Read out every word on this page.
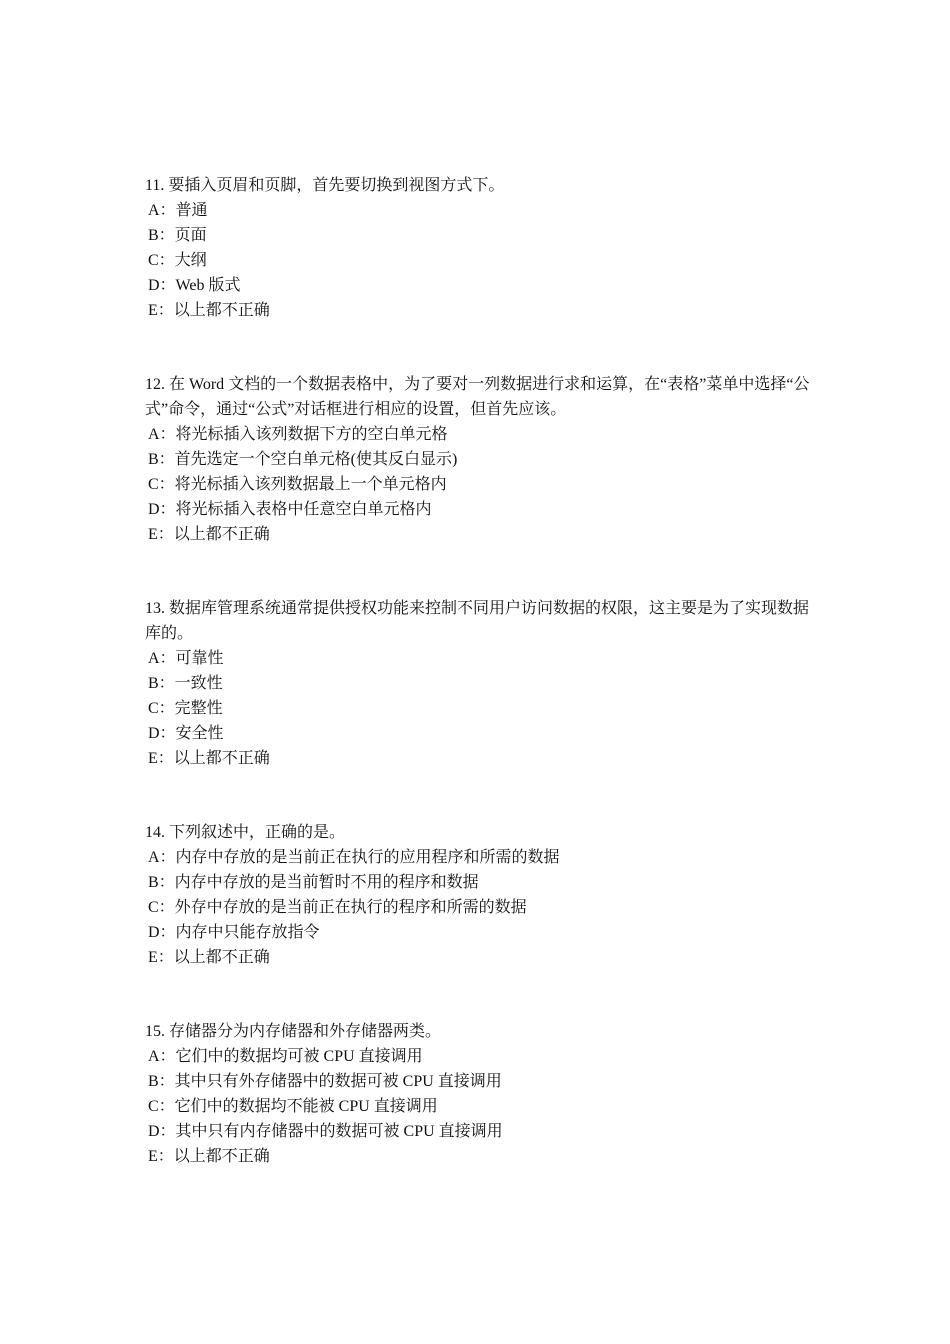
11. 要插入页眉和页脚，首先要切换到视图方式下。

A：普通

B：页面

C：大纲

D：Web 版式

E：以上都不正确

12. 在 Word 文档的一个数据表格中，为了要对一列数据进行求和运算，在“表格”菜单中选择“公式”命令，通过“公式”对话框进行相应的设置，但首先应该。

A：将光标插入该列数据下方的空白单元格

B：首先选定一个空白单元格(使其反白显示)

C：将光标插入该列数据最上一个单元格内

D：将光标插入表格中任意空白单元格内

E：以上都不正确

13. 数据库管理系统通常提供授权功能来控制不同用户访问数据的权限，这主要是为了实现数据库的。

A：可靠性

B：一致性

C：完整性

D：安全性

E：以上都不正确

14. 下列叙述中，正确的是。

A：内存中存放的是当前正在执行的应用程序和所需的数据

B：内存中存放的是当前暂时不用的程序和数据

C：外存中存放的是当前正在执行的程序和所需的数据

D：内存中只能存放指令

E：以上都不正确

15. 存储器分为内存储器和外存储器两类。

A：它们中的数据均可被 CPU 直接调用

B：其中只有外存储器中的数据可被 CPU 直接调用

C：它们中的数据均不能被 CPU 直接调用

D：其中只有内存储器中的数据可被 CPU 直接调用

E：以上都不正确
